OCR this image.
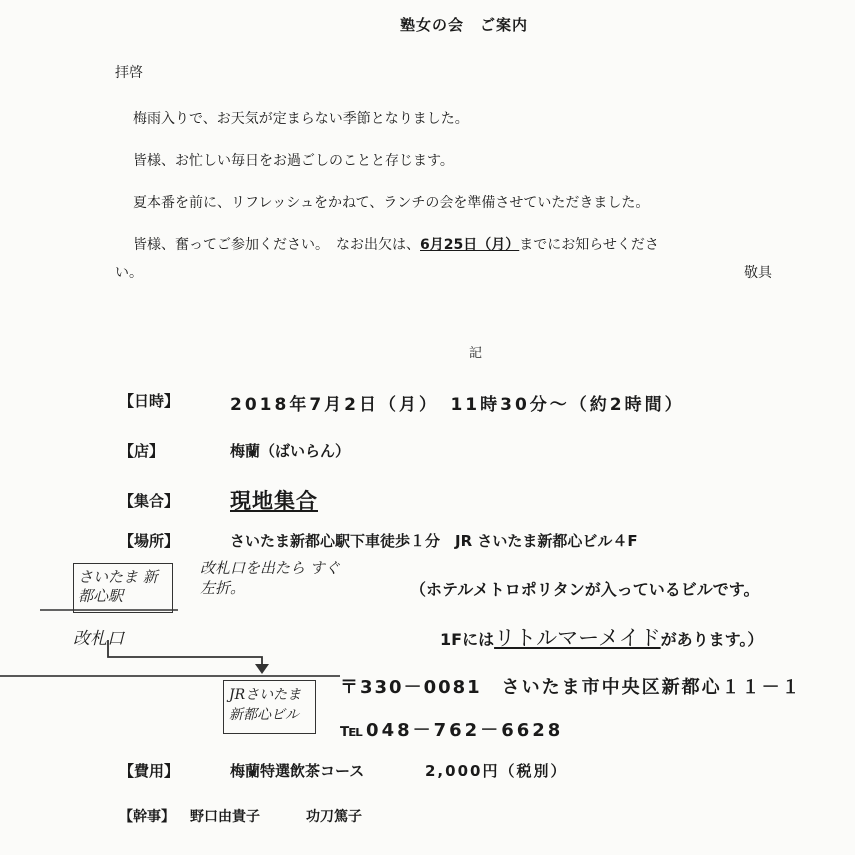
塾女の会　ご案内
拝啓
梅雨入りで、お天気が定まらない季節となりました。
皆様、お忙しい毎日をお過ごしのことと存じます。
夏本番を前に、リフレッシュをかねて、ランチの会を準備させていただきました。
皆様、奮ってご参加ください。　なお出欠は、6月25日（月）までにお知らせくださ
い。	敬具
記
【日時】	2018年7月2日（月）　11時30分～（約2時間）
【店】	梅蘭（ばいらん）
【集合】 現地集合
【場所】	さいたま新都心駅下車徒歩１分　JR さいたま新都心ビル４F
（ホテルメトロポリタンが入っているビルです。
1Fにはリトルマーメイドがあります。）
〒330－0081　さいたま市中央区新都心１１－１
℡048－762－6628
【費用】	梅蘭特選飲茶コース	2,000円（税別）
【幹事】 野口由貴子	功刀篤子
さいたま 新都心駅
改札口を出たら すぐ左折。
改札口
JRさいたま 新都心ビル
